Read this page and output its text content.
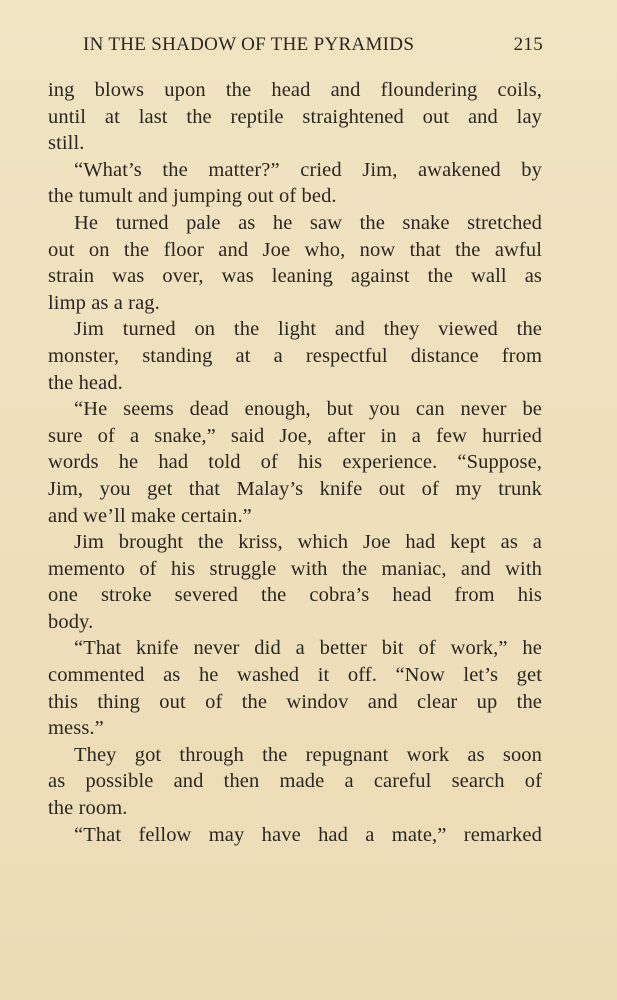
IN THE SHADOW OF THE PYRAMIDS	215

ing blows upon the head and floundering coils,
until at last the reptile straightened out and lay
still.

“What’s the matter?” cried Jim, awakened by
the tumult and jumping out of bed.

He turned pale as he saw the snake stretched
out on the floor and Joe who, now that the awful
strain was over, was leaning against the wall as
limp as a rag.

Jim turned on the light and they viewed the
monster, standing at a respectful distance from
the head.

“He seems dead enough, but you can never be
sure of a snake,” said Joe, after in a few hurried
words he had told of his experience. “Suppose,
Jim, you get that Malay’s knife out of my trunk
and we’ll make certain.”

Jim brought the kriss, which Joe had kept as a
memento of his struggle with the maniac, and with
one stroke severed the cobra’s head from his
body.

“That knife never did a better bit of work,” he
commented as he washed it off. “Now let’s get
this thing out of the windov and clear up the
mess.”

They got through the repugnant work as soon
as possible and then made a careful search of
the room.

“That fellow may have had a mate,” remarked
